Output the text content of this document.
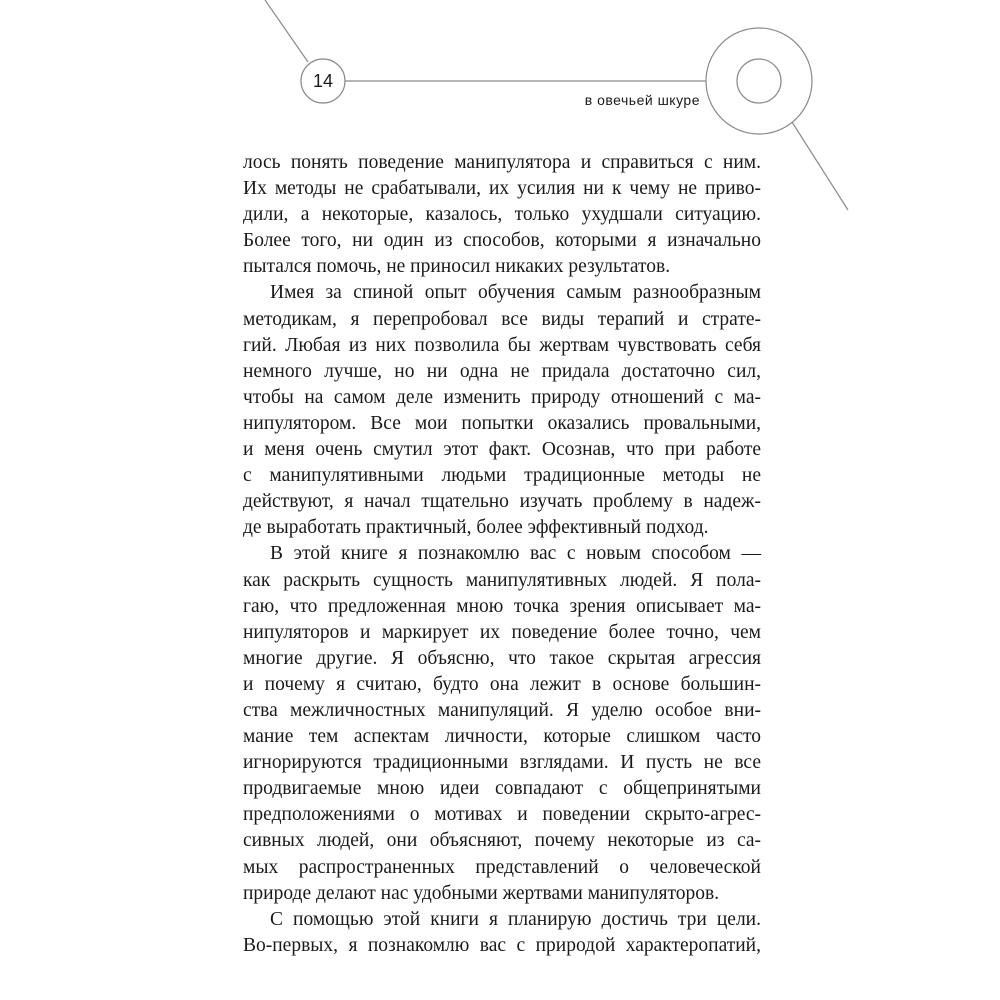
14
в овечьей шкуре
лось понять поведение манипулятора и справиться с ним.
Их методы не срабатывали, их усилия ни к чему не приво-
дили, а некоторые, казалось, только ухудшали ситуацию.
Более того, ни один из способов, которыми я изначально
пытался помочь, не приносил никаких результатов.
Имея за спиной опыт обучения самым разнообразным
методикам, я перепробовал все виды терапий и страте-
гий. Любая из них позволила бы жертвам чувствовать себя
немного лучше, но ни одна не придала достаточно сил,
чтобы на самом деле изменить природу отношений с ма-
нипулятором. Все мои попытки оказались провальными,
и меня очень смутил этот факт. Осознав, что при работе
с манипулятивными людьми традиционные методы не
действуют, я начал тщательно изучать проблему в надеж-
де выработать практичный, более эффективный подход.
В этой книге я познакомлю вас с новым способом —
как раскрыть сущность манипулятивных людей. Я пола-
гаю, что предложенная мною точка зрения описывает ма-
нипуляторов и маркирует их поведение более точно, чем
многие другие. Я объясню, что такое скрытая агрессия
и почему я считаю, будто она лежит в основе большин-
ства межличностных манипуляций. Я уделю особое вни-
мание тем аспектам личности, которые слишком часто
игнорируются традиционными взглядами. И пусть не все
продвигаемые мною идеи совпадают с общепринятыми
предположениями о мотивах и поведении скрыто-агрес-
сивных людей, они объясняют, почему некоторые из са-
мых распространенных представлений о человеческой
природе делают нас удобными жертвами манипуляторов.
С помощью этой книги я планирую достичь три цели.
Во-первых, я познакомлю вас с природой характеропатий,
